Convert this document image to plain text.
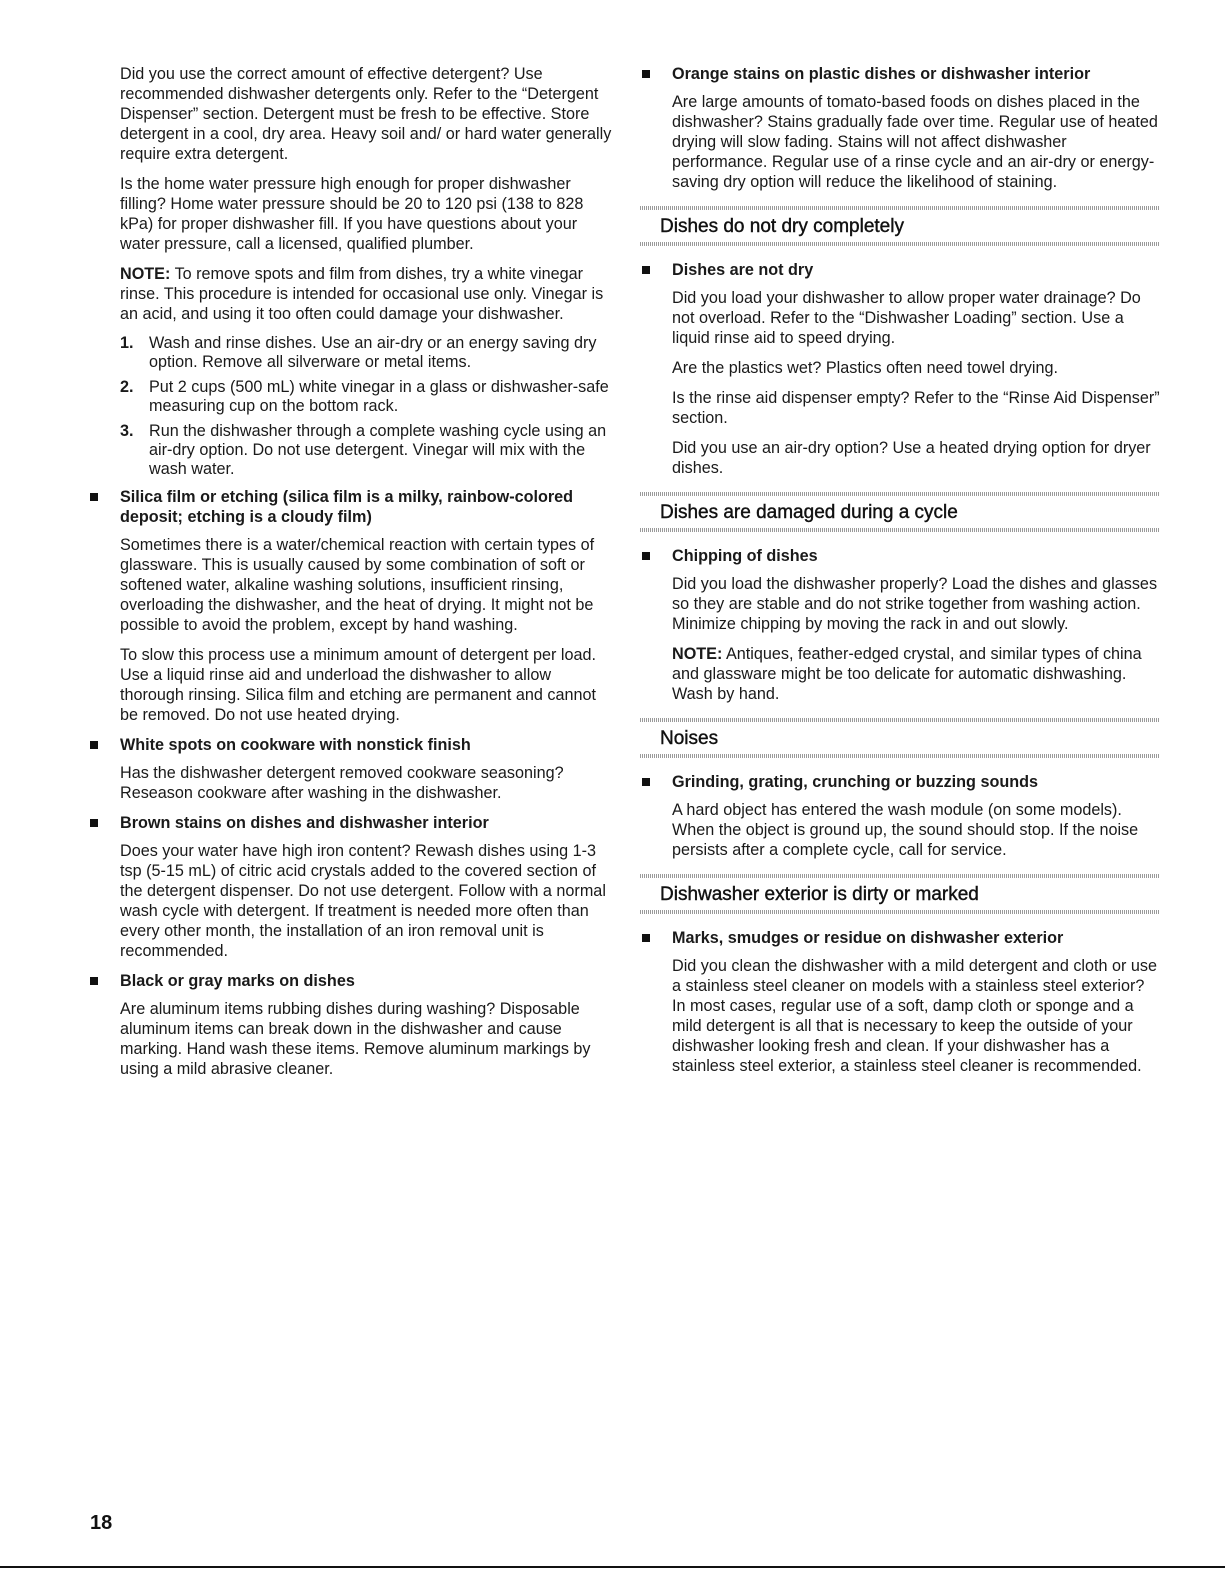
Did you use the correct amount of effective detergent? Use recommended dishwasher detergents only. Refer to the “Detergent Dispenser” section. Detergent must be fresh to be effective. Store detergent in a cool, dry area. Heavy soil and/ or hard water generally require extra detergent.

Is the home water pressure high enough for proper dishwasher filling? Home water pressure should be 20 to 120 psi (138 to 828 kPa) for proper dishwasher fill. If you have questions about your water pressure, call a licensed, qualified plumber.

NOTE: To remove spots and film from dishes, try a white vinegar rinse. This procedure is intended for occasional use only. Vinegar is an acid, and using it too often could damage your dishwasher.

1. Wash and rinse dishes. Use an air-dry or an energy saving dry option. Remove all silverware or metal items.
2. Put 2 cups (500 mL) white vinegar in a glass or dishwasher-safe measuring cup on the bottom rack.
3. Run the dishwasher through a complete washing cycle using an air-dry option. Do not use detergent. Vinegar will mix with the wash water.
Silica film or etching (silica film is a milky, rainbow-colored deposit; etching is a cloudy film)

Sometimes there is a water/chemical reaction with certain types of glassware. This is usually caused by some combination of soft or softened water, alkaline washing solutions, insufficient rinsing, overloading the dishwasher, and the heat of drying. It might not be possible to avoid the problem, except by hand washing.

To slow this process use a minimum amount of detergent per load. Use a liquid rinse aid and underload the dishwasher to allow thorough rinsing. Silica film and etching are permanent and cannot be removed. Do not use heated drying.

White spots on cookware with nonstick finish

Has the dishwasher detergent removed cookware seasoning? Reseason cookware after washing in the dishwasher.

Brown stains on dishes and dishwasher interior

Does your water have high iron content? Rewash dishes using 1-3 tsp (5-15 mL) of citric acid crystals added to the covered section of the detergent dispenser. Do not use detergent. Follow with a normal wash cycle with detergent. If treatment is needed more often than every other month, the installation of an iron removal unit is recommended.

Black or gray marks on dishes

Are aluminum items rubbing dishes during washing? Disposable aluminum items can break down in the dishwasher and cause marking. Hand wash these items. Remove aluminum markings by using a mild abrasive cleaner.

Orange stains on plastic dishes or dishwasher interior

Are large amounts of tomato-based foods on dishes placed in the dishwasher? Stains gradually fade over time. Regular use of heated drying will slow fading. Stains will not affect dishwasher performance. Regular use of a rinse cycle and an air-dry or energy-saving dry option will reduce the likelihood of staining.

Dishes do not dry completely
Dishes are not dry

Did you load your dishwasher to allow proper water drainage? Do not overload. Refer to the “Dishwasher Loading” section. Use a liquid rinse aid to speed drying.

Are the plastics wet? Plastics often need towel drying.

Is the rinse aid dispenser empty? Refer to the “Rinse Aid Dispenser” section.

Did you use an air-dry option? Use a heated drying option for dryer dishes.

Dishes are damaged during a cycle
Chipping of dishes

Did you load the dishwasher properly? Load the dishes and glasses so they are stable and do not strike together from washing action. Minimize chipping by moving the rack in and out slowly.

NOTE: Antiques, feather-edged crystal, and similar types of china and glassware might be too delicate for automatic dishwashing. Wash by hand.

Noises
Grinding, grating, crunching or buzzing sounds

A hard object has entered the wash module (on some models). When the object is ground up, the sound should stop. If the noise persists after a complete cycle, call for service.

Dishwasher exterior is dirty or marked
Marks, smudges or residue on dishwasher exterior

Did you clean the dishwasher with a mild detergent and cloth or use a stainless steel cleaner on models with a stainless steel exterior? In most cases, regular use of a soft, damp cloth or sponge and a mild detergent is all that is necessary to keep the outside of your dishwasher looking fresh and clean. If your dishwasher has a stainless steel exterior, a stainless steel cleaner is recommended.

18
